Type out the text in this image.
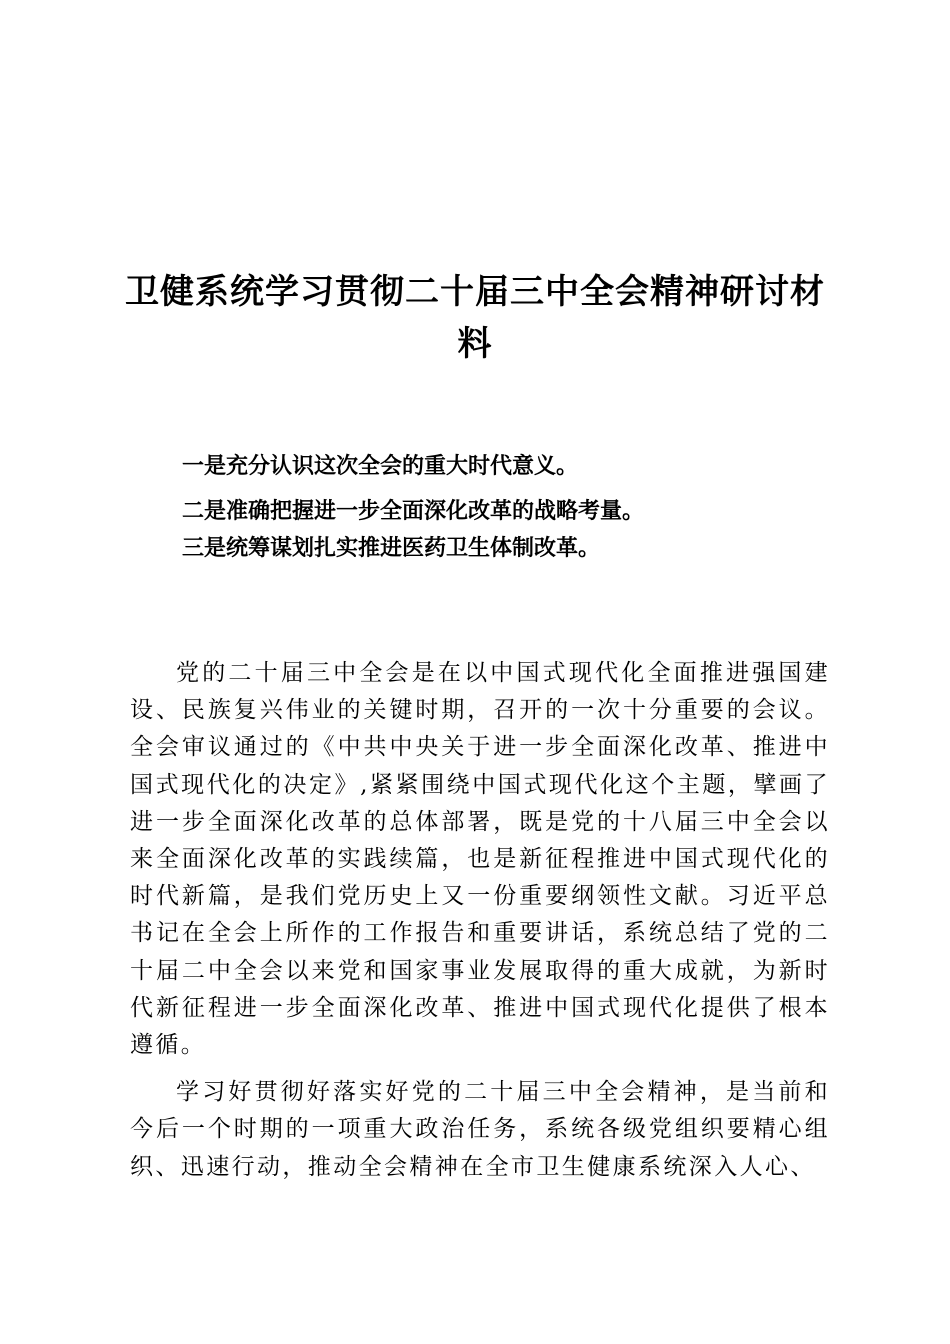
卫健系统学习贯彻二十届三中全会精神研讨材料
一是充分认识这次全会的重大时代意义。
二是准确把握进一步全面深化改革的战略考量。
三是统筹谋划扎实推进医药卫生体制改革。

党的二十届三中全会是在以中国式现代化全面推进强国建设、民族复兴伟业的关键时期，召开的一次十分重要的会议。全会审议通过的《中共中央关于进一步全面深化改革、推进中国式现代化的决定》,紧紧围绕中国式现代化这个主题，擘画了进一步全面深化改革的总体部署，既是党的十八届三中全会以来全面深化改革的实践续篇，也是新征程推进中国式现代化的时代新篇，是我们党历史上又一份重要纲领性文献。习近平总书记在全会上所作的工作报告和重要讲话，系统总结了党的二十届二中全会以来党和国家事业发展取得的重大成就，为新时代新征程进一步全面深化改革、推进中国式现代化提供了根本遵循。

学习好贯彻好落实好党的二十届三中全会精神，是当前和今后一个时期的一项重大政治任务，系统各级党组织要精心组织、迅速行动，推动全会精神在全市卫生健康系统深入人心、
